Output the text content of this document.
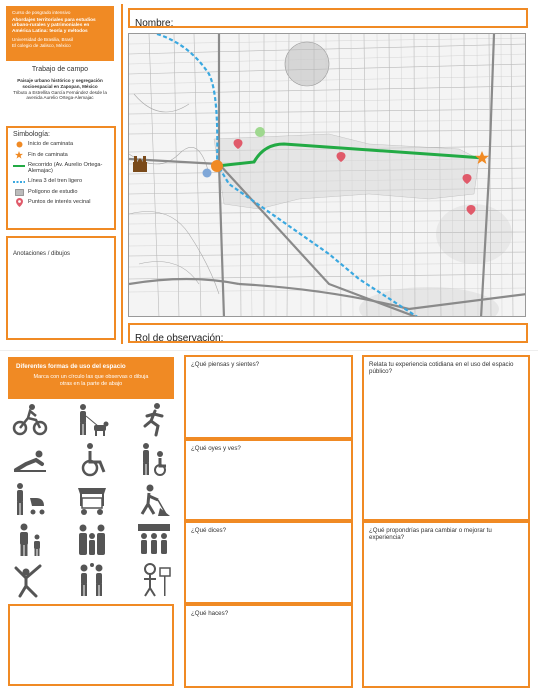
Curso de posgrado intensivo
Abordajes territoriales para estudios urbano-rurales y patrimoniales en América Latina: teoría y métodos
Universidad de Brasilia, Brasil
El colegio de Jalisco, México
Trabajo de campo
Paisaje urbano histórico y segregación socioespacial en Zapopan, México
Tributo a Estrellita García Fernández desde la avenida Aurelio Ortega-Alemajac
Simbología:
Inicio de caminata
Fin de caminata
Recorrido (Av. Aurelio Ortega-Alemajac)
Línea 3 del tren ligero
Polígono de estudio
Puntos de interés vecinal
Anotaciones / dibujos
Nombre:
Rol de observación:
Diferentes formas de uso del espacio
Marca con un círculo las que observas o dibuja otras en la parte de abajo
¿Qué piensas y sientes?
¿Qué oyes y ves?
¿Qué dices?
¿Qué haces?
Relata tu experiencia cotidiana en el uso del espacio público?
¿Qué propondrías para cambiar o mejorar tu experiencia?
